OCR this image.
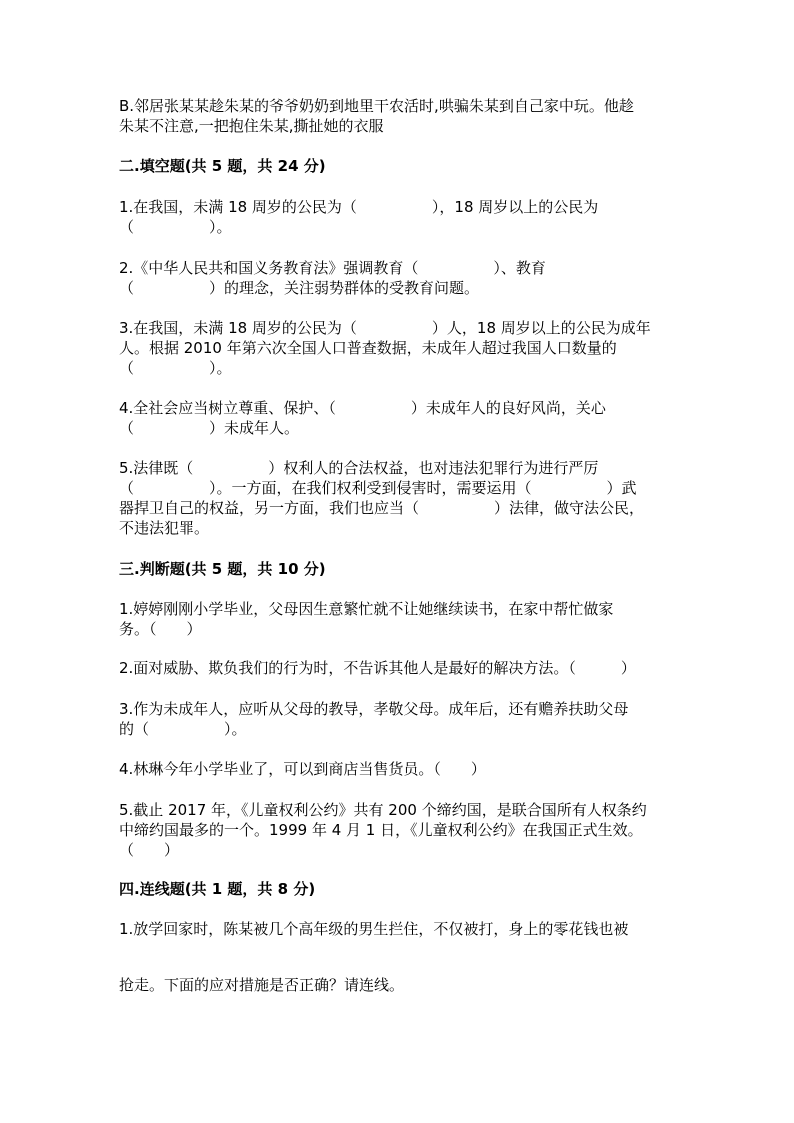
B.邻居张某某趁朱某的爷爷奶奶到地里干农活时,哄骗朱某到自己家中玩。他趁
朱某不注意,一把抱住朱某,撕扯她的衣服
二.填空题(共 5 题，共 24 分)
1.在我国，未满 18 周岁的公民为（　　　　　），18 周岁以上的公民为
（　　　　　）。
2.《中华人民共和国义务教育法》强调教育（　　　　　）、教育
（　　　　　）的理念，关注弱势群体的受教育问题。
3.在我国，未满 18 周岁的公民为（　　　　　）人，18 周岁以上的公民为成年
人。根据 2010 年第六次全国人口普查数据，未成年人超过我国人口数量的
（　　　　　）。
4.全社会应当树立尊重、保护、（　　　　　）未成年人的良好风尚，关心
（　　　　　）未成年人。
5.法律既（　　　　　）权利人的合法权益，也对违法犯罪行为进行严厉
（　　　　　）。一方面，在我们权利受到侵害时，需要运用（　　　　　）武
器捍卫自己的权益，另一方面，我们也应当（　　　　　）法律，做守法公民，
不违法犯罪。
三.判断题(共 5 题，共 10 分)
1.婷婷刚刚小学毕业，父母因生意繁忙就不让她继续读书，在家中帮忙做家
务。（　　）
2.面对威胁、欺负我们的行为时，不告诉其他人是最好的解决方法。（　　　）
3.作为未成年人，应听从父母的教导，孝敬父母。成年后，还有赡养扶助父母
的（　　　　　）。
4.林琳今年小学毕业了，可以到商店当售货员。（　　）
5.截止 2017 年，《儿童权利公约》共有 200 个缔约国，是联合国所有人权条约
中缔约国最多的一个。1999 年 4 月 1 日，《儿童权利公约》在我国正式生效。
（　　）
四.连线题(共 1 题，共 8 分)
1.放学回家时，陈某被几个高年级的男生拦住，不仅被打，身上的零花钱也被
抢走。下面的应对措施是否正确？请连线。
